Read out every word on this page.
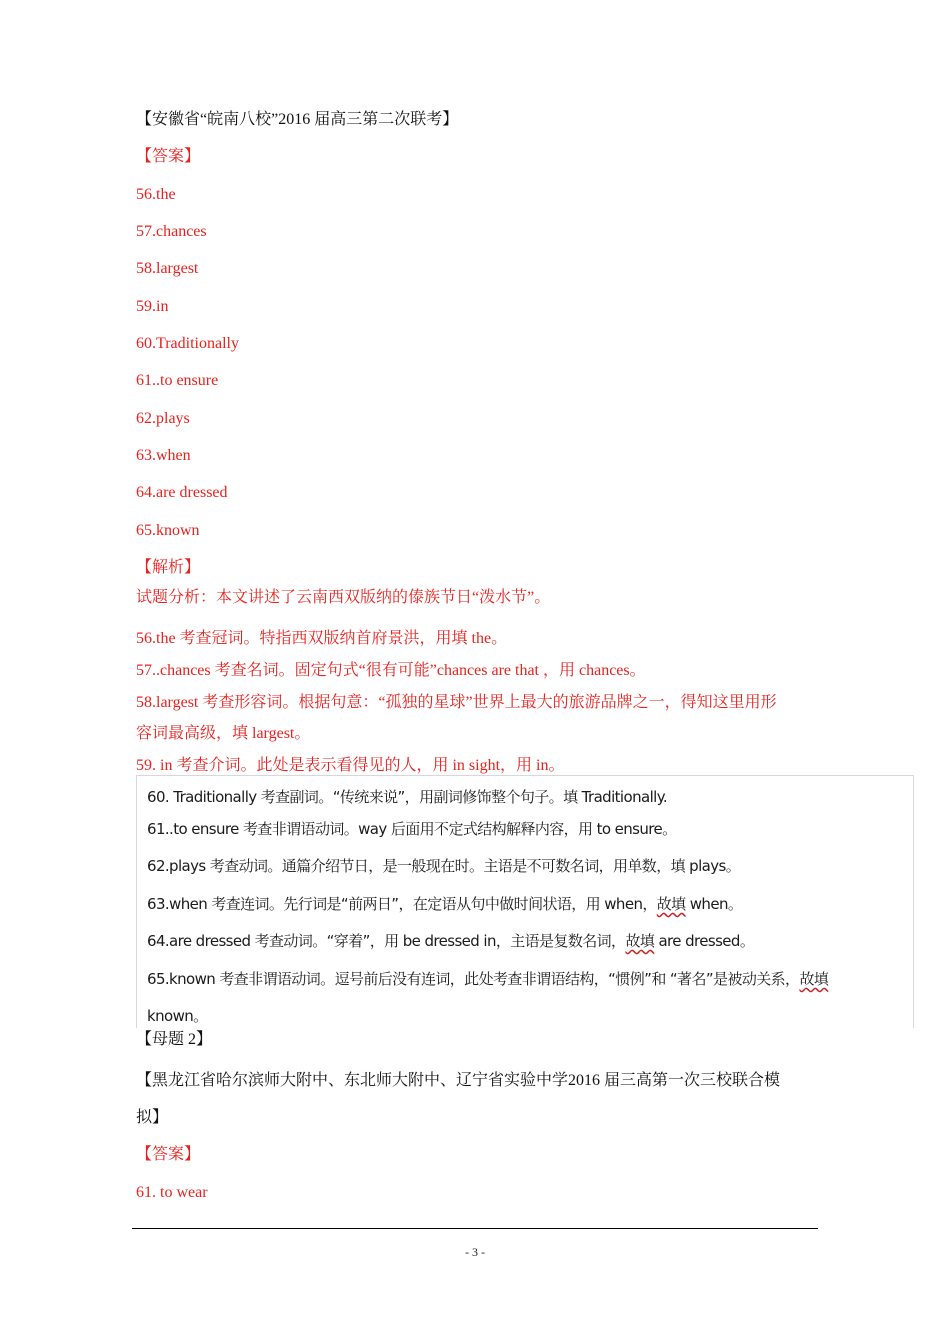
【安徽省“皖南八校”2016 届高三第二次联考】
【答案】
56.the
57.chances
58.largest
59.in
60.Traditionally
61..to ensure
62.plays
63.when
64.are dressed
65.known
【解析】
试题分析：本文讲述了云南西双版纳的傣族节日“泼水节”。
56.the 考查冠词。特指西双版纳首府景洪，用填 the。
57..chances 考查名词。固定句式“很有可能”chances are that ，用 chances。
58.largest 考查形容词。根据句意：“孤独的星球”世界上最大的旅游品牌之一，得知这里用形
容词最高级，填 largest。
59. in 考查介词。此处是表示看得见的人，用 in sight，用 in。
60. Traditionally 考查副词。“传统来说”，用副词修饰整个句子。填 Traditionally.
61..to ensure 考查非谓语动词。way 后面用不定式结构解释内容，用 to ensure。
62.plays 考查动词。通篇介绍节日，是一般现在时。主语是不可数名词，用单数，填 plays。
63.when 考查连词。先行词是“前两日”，在定语从句中做时间状语，用 when，故填 when。
64.are dressed 考查动词。“穿着”，用 be dressed in，主语是复数名词，故填 are dressed。
65.known 考查非谓语动词。逗号前后没有连词，此处考查非谓语结构，“惯例”和 “著名”是被动关系，故填
known。
【母题 2】
【黑龙江省哈尔滨师大附中、东北师大附中、辽宁省实验中学2016 届三高第一次三校联合模
拟】
【答案】
61. to wear
- 3 -
